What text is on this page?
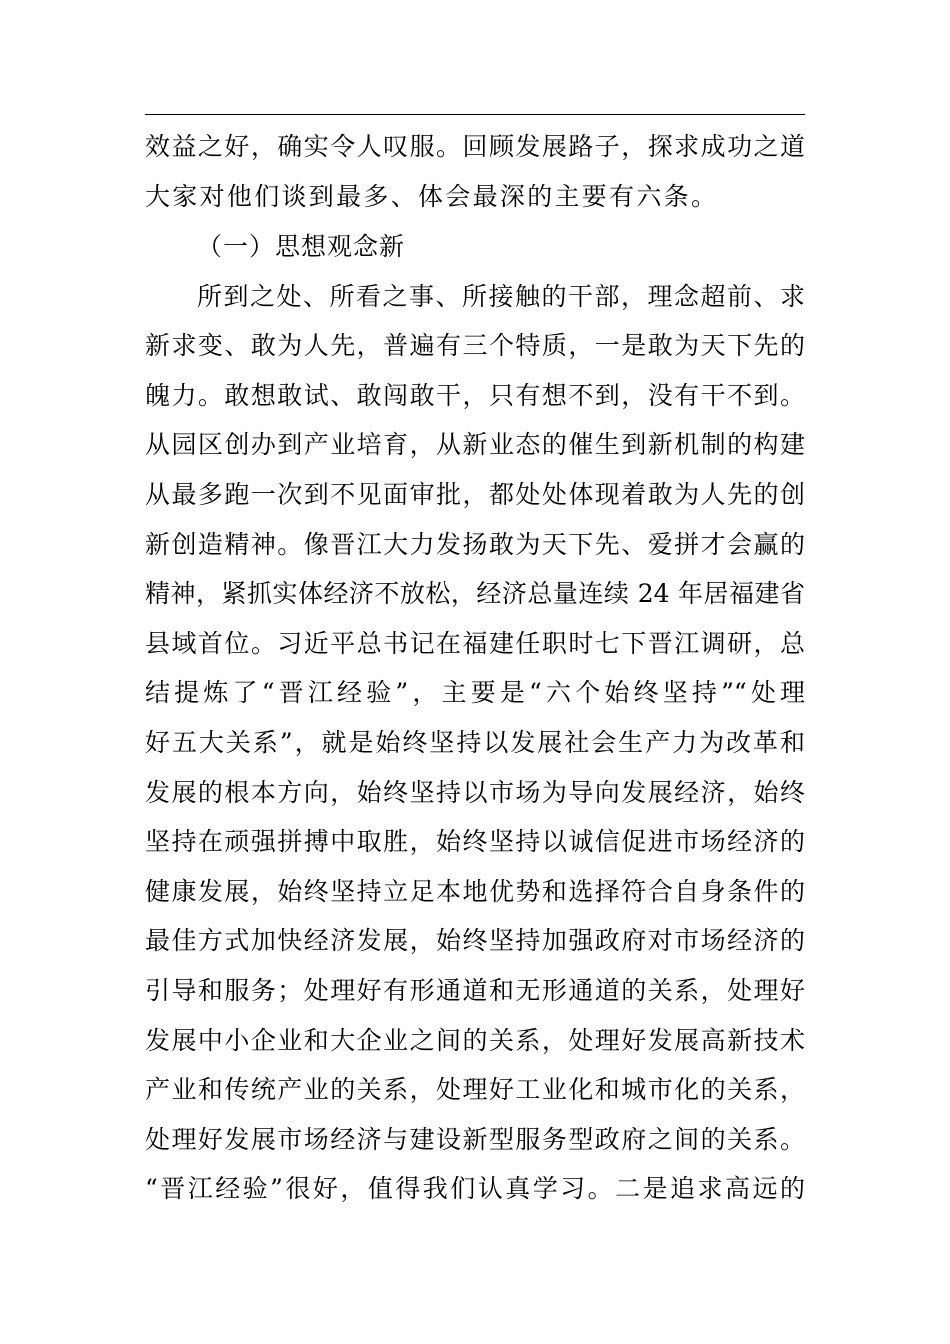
效益之好，确实令人叹服。回顾发展路子，探求成功之道
大家对他们谈到最多、体会最深的主要有六条。
（一）思想观念新
所到之处、所看之事、所接触的干部，理念超前、求
新求变、敢为人先，普遍有三个特质，一是敢为天下先的
魄力。敢想敢试、敢闯敢干，只有想不到，没有干不到。
从园区创办到产业培育，从新业态的催生到新机制的构建
从最多跑一次到不见面审批，都处处体现着敢为人先的创
新创造精神。像晋江大力发扬敢为天下先、爱拼才会赢的
精神，紧抓实体经济不放松，经济总量连续 24 年居福建省
县域首位。习近平总书记在福建任职时七下晋江调研，总
结提炼了“晋江经验”，主要是“六个始终坚持”“处理
好五大关系”，就是始终坚持以发展社会生产力为改革和
发展的根本方向，始终坚持以市场为导向发展经济，始终
坚持在顽强拼搏中取胜，始终坚持以诚信促进市场经济的
健康发展，始终坚持立足本地优势和选择符合自身条件的
最佳方式加快经济发展，始终坚持加强政府对市场经济的
引导和服务；处理好有形通道和无形通道的关系，处理好
发展中小企业和大企业之间的关系，处理好发展高新技术
产业和传统产业的关系，处理好工业化和城市化的关系，
处理好发展市场经济与建设新型服务型政府之间的关系。
“晋江经验”很好，值得我们认真学习。二是追求高远的
